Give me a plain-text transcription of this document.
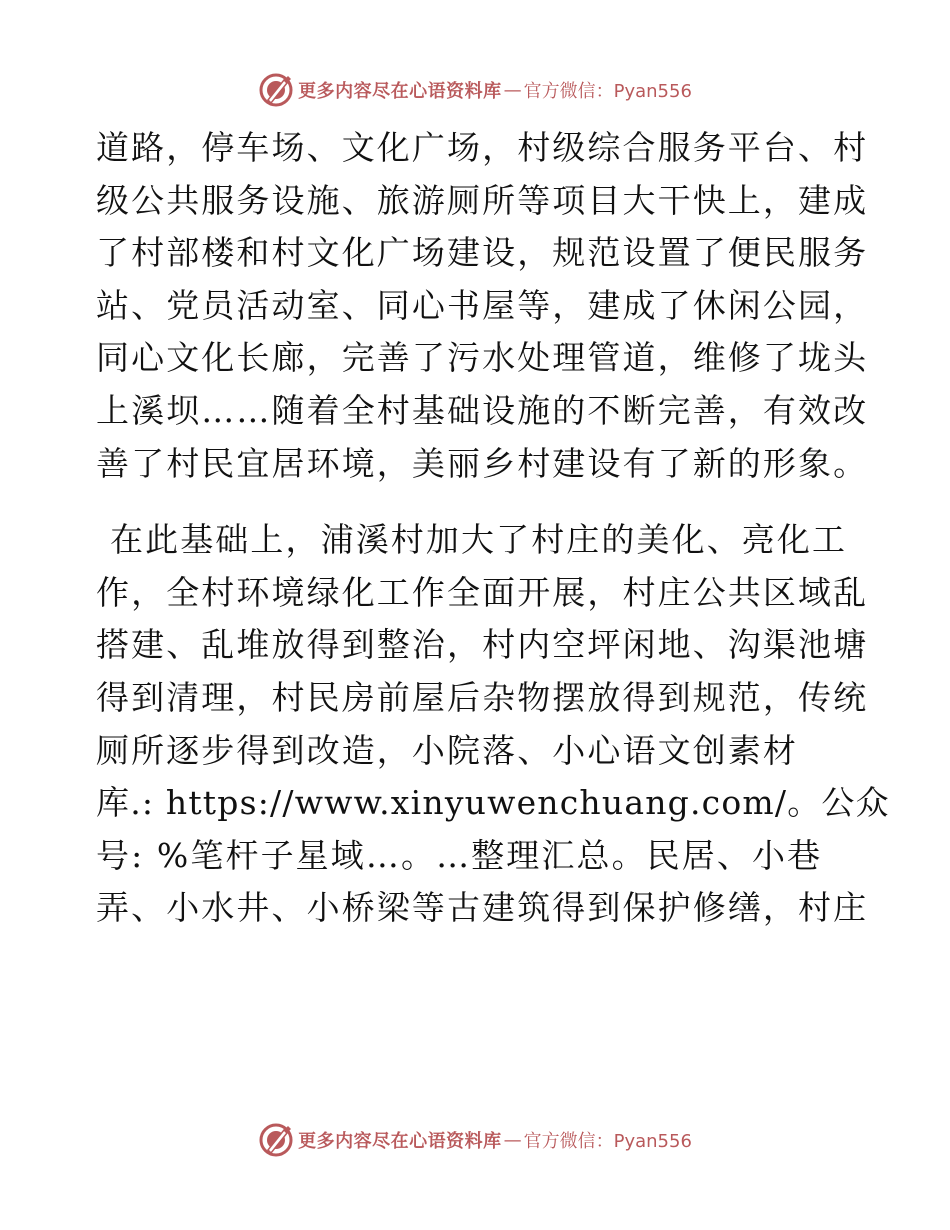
更多内容尽在心语资料库 — 官方微信：Pyan556
道路，停车场、文化广场，村级综合服务平台、村
级公共服务设施、旅游厕所等项目大干快上，建成
了村部楼和村文化广场建设，规范设置了便民服务
站、党员活动室、同心书屋等，建成了休闲公园，
同心文化长廊，完善了污水处理管道，维修了垅头
上溪坝……随着全村基础设施的不断完善，有效改
善了村民宜居环境，美丽乡村建设有了新的形象。
在此基础上，浦溪村加大了村庄的美化、亮化工
作，全村环境绿化工作全面开展，村庄公共区域乱
搭建、乱堆放得到整治，村内空坪闲地、沟渠池塘
得到清理，村民房前屋后杂物摆放得到规范，传统
厕所逐步得到改造，小院落、小心语文创素材
库.: https://www.xinyuwenchuang.com/。公众
号: %笔杆子星域…。…整理汇总。民居、小巷
弄、小水井、小桥梁等古建筑得到保护修缮，村庄
更多内容尽在心语资料库 — 官方微信：Pyan556
